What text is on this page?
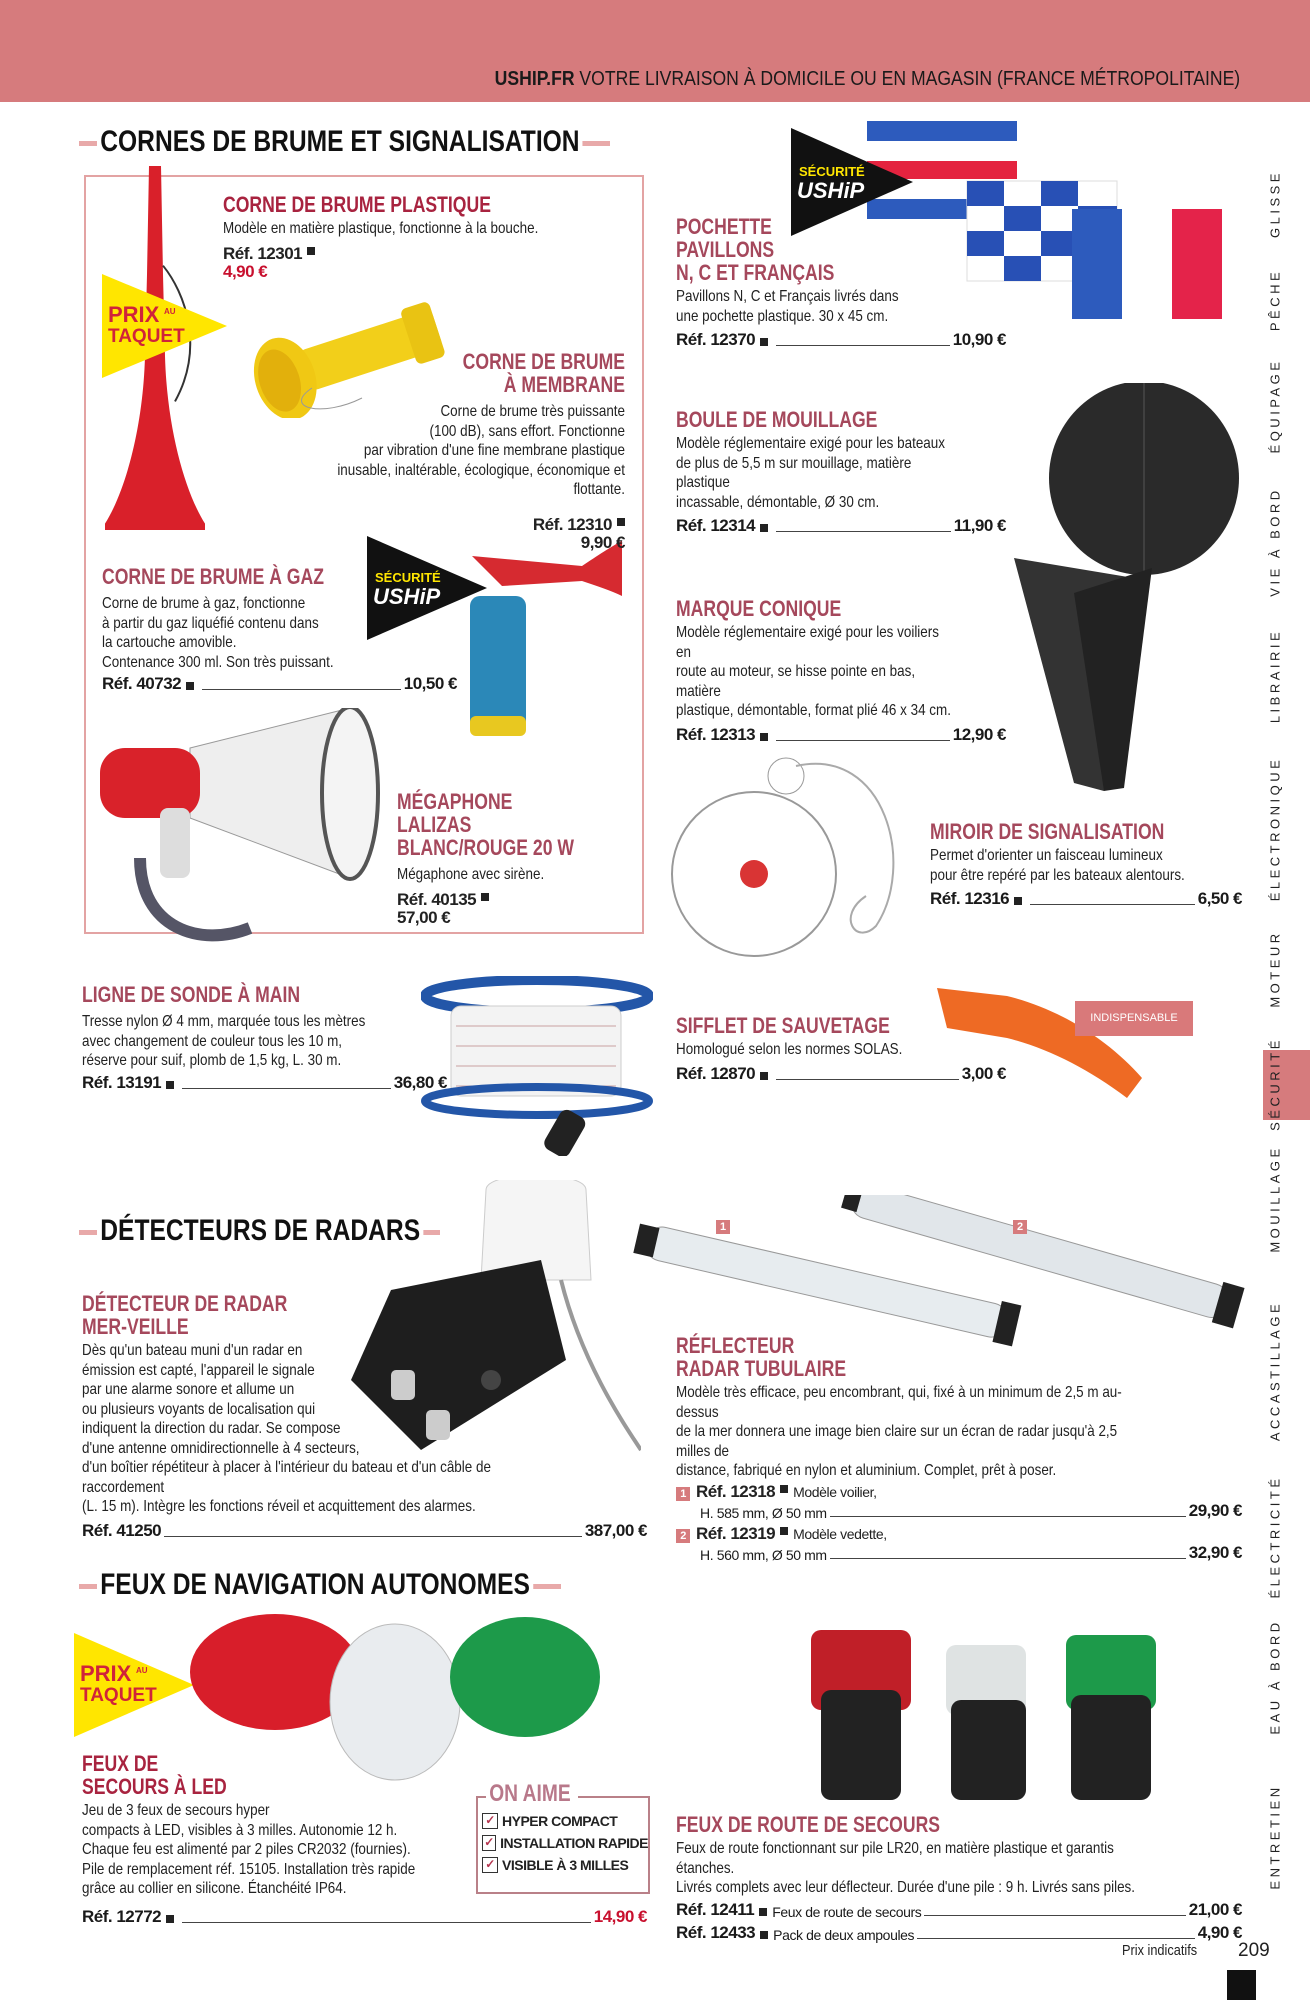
USHIP.FR VOTRE LIVRAISON À DOMICILE OU EN MAGASIN (FRANCE MÉTROPOLITAINE)
CORNES DE BRUME ET SIGNALISATION
DÉTECTEURS DE RADARS
FEUX DE NAVIGATION AUTONOMES
PRIX AU
TAQUET
SÉCURITÉ
USHiP
INDISPENSABLE
1	2
PRIX AU
TAQUET
CORNE DE BRUME PLASTIQUE
Modèle en matière plastique, fonctionne à la bouche.
Réf. 12301
4,90 €
CORNE DE BRUME
À MEMBRANE
Corne de brume très puissante
(100 dB), sans effort. Fonctionne
par vibration d'une fine membrane plastique
inusable, inaltérable, écologique, économique et flottante.
Réf. 12310
9,90 €
CORNE DE BRUME À GAZ
Corne de brume à gaz, fonctionne
à partir du gaz liquéfié contenu dans
la cartouche amovible.
Contenance 300 ml. Son très puissant.
Réf. 40732	10,50 €
MÉGAPHONE LALIZAS
BLANC/ROUGE 20 W
Mégaphone avec sirène.
Réf. 40135
57,00 €
LIGNE DE SONDE À MAIN
Tresse nylon Ø 4 mm, marquée tous les mètres
avec changement de couleur tous les 10 m,
réserve pour suif, plomb de 1,5 kg, L. 30 m.
Réf. 13191	36,80 €
POCHETTE
PAVILLONS
N, C ET FRANÇAIS
Pavillons N, C et Français livrés dans
une pochette plastique. 30 x 45 cm.
Réf. 12370	10,90 €
SÉCURITÉ
USHiP
BOULE DE MOUILLAGE
Modèle réglementaire exigé pour les bateaux
de plus de 5,5 m sur mouillage, matière plastique
incassable, démontable, Ø 30 cm.
Réf. 12314	11,90 €
MARQUE CONIQUE
Modèle réglementaire exigé pour les voiliers en
route au moteur, se hisse pointe en bas, matière
plastique, démontable, format plié 46 x 34 cm.
Réf. 12313	12,90 €
MIROIR DE SIGNALISATION
Permet d'orienter un faisceau lumineux
pour être repéré par les bateaux alentours.
Réf. 12316	6,50 €
SIFFLET DE SAUVETAGE
Homologué selon les normes SOLAS.
Réf. 12870	3,00 €
DÉTECTEUR DE RADAR
MER-VEILLE
Dès qu'un bateau muni d'un radar en
émission est capté, l'appareil le signale
par une alarme sonore et allume un
ou plusieurs voyants de localisation qui
indiquent la direction du radar. Se compose
d'une antenne omnidirectionnelle à 4 secteurs,
d'un boîtier répétiteur à placer à l'intérieur du bateau et d'un câble de raccordement
(L. 15 m). Intègre les fonctions réveil et acquittement des alarmes.
Réf. 41250	387,00 €
RÉFLECTEUR
RADAR TUBULAIRE
Modèle très efficace, peu encombrant, qui, fixé à un minimum de 2,5 m au-dessus
de la mer donnera une image bien claire sur un écran de radar jusqu'à 2,5 milles de
distance, fabriqué en nylon et aluminium. Complet, prêt à poser.
1 Réf. 12318 Modèle voilier,
H. 585 mm, Ø 50 mm	29,90 €
2 Réf. 12319 Modèle vedette,
H. 560 mm, Ø 50 mm	32,90 €
FEUX DE
SECOURS À LED
Jeu de 3 feux de secours hyper
compacts à LED, visibles à 3 milles. Autonomie 12 h.
Chaque feu est alimenté par 2 piles CR2032 (fournies).
Pile de remplacement réf. 15105. Installation très rapide
grâce au collier en silicone. Étanchéité IP64.
Réf. 12772	14,90 €
ON AIME
✓ HYPER COMPACT
✓ INSTALLATION RAPIDE
✓ VISIBLE À 3 MILLES
FEUX DE ROUTE DE SECOURS
Feux de route fonctionnant sur pile LR20, en matière plastique et garantis étanches.
Livrés complets avec leur déflecteur. Durée d'une pile : 9 h. Livrés sans piles.
Réf. 12411 Feux de route de secours	21,00 €
Réf. 12433 Pack de deux ampoules	4,90 €
GLISSE
PÊCHE
ÉQUIPAGE
VIE À BORD
LIBRAIRIE
ÉLECTRONIQUE
MOTEUR
SÉCURITÉ
MOUILLAGE
ACCASTILLAGE
ÉLECTRICITÉ
EAU À BORD
ENTRETIEN
Prix indicatifs 209
